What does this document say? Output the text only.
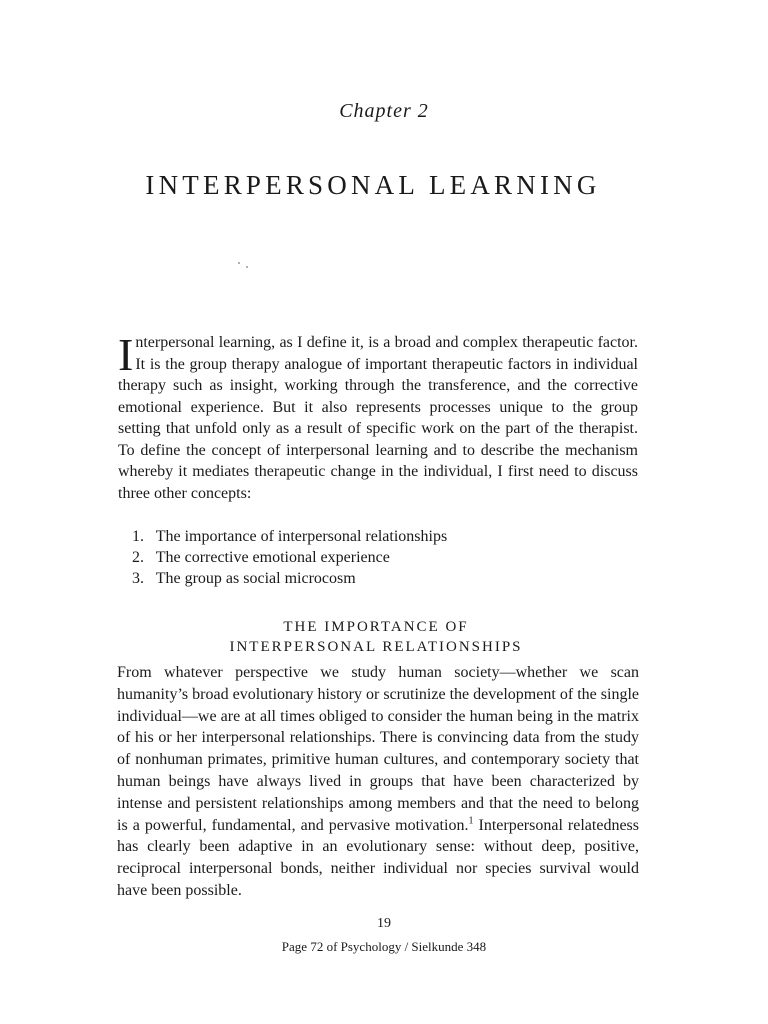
Chapter 2
INTERPERSONAL LEARNING

Interpersonal learning, as I define it, is a broad and complex therapeutic factor. It is the group therapy analogue of important therapeutic factors in individual therapy such as insight, working through the transference, and the corrective emotional experience. But it also represents processes unique to the group setting that unfold only as a result of specific work on the part of the therapist. To define the concept of interpersonal learning and to describe the mechanism whereby it mediates therapeutic change in the individual, I first need to discuss three other concepts:

1. The importance of interpersonal relationships
2. The corrective emotional experience
3. The group as social microcosm
THE IMPORTANCE OF
INTERPERSONAL RELATIONSHIPS

From whatever perspective we study human society—whether we scan humanity’s broad evolutionary history or scrutinize the development of the single individual—we are at all times obliged to consider the human being in the matrix of his or her interpersonal relationships. There is convincing data from the study of nonhuman primates, primitive human cultures, and contemporary society that human beings have always lived in groups that have been characterized by intense and persistent relationships among members and that the need to belong is a powerful, fundamental, and pervasive motivation.$^1$ Interpersonal relatedness has clearly been adaptive in an evolutionary sense: without deep, positive, reciprocal interpersonal bonds, neither individual nor species survival would have been possible.

19
Page 72 of Psychology / Sielkunde 348
